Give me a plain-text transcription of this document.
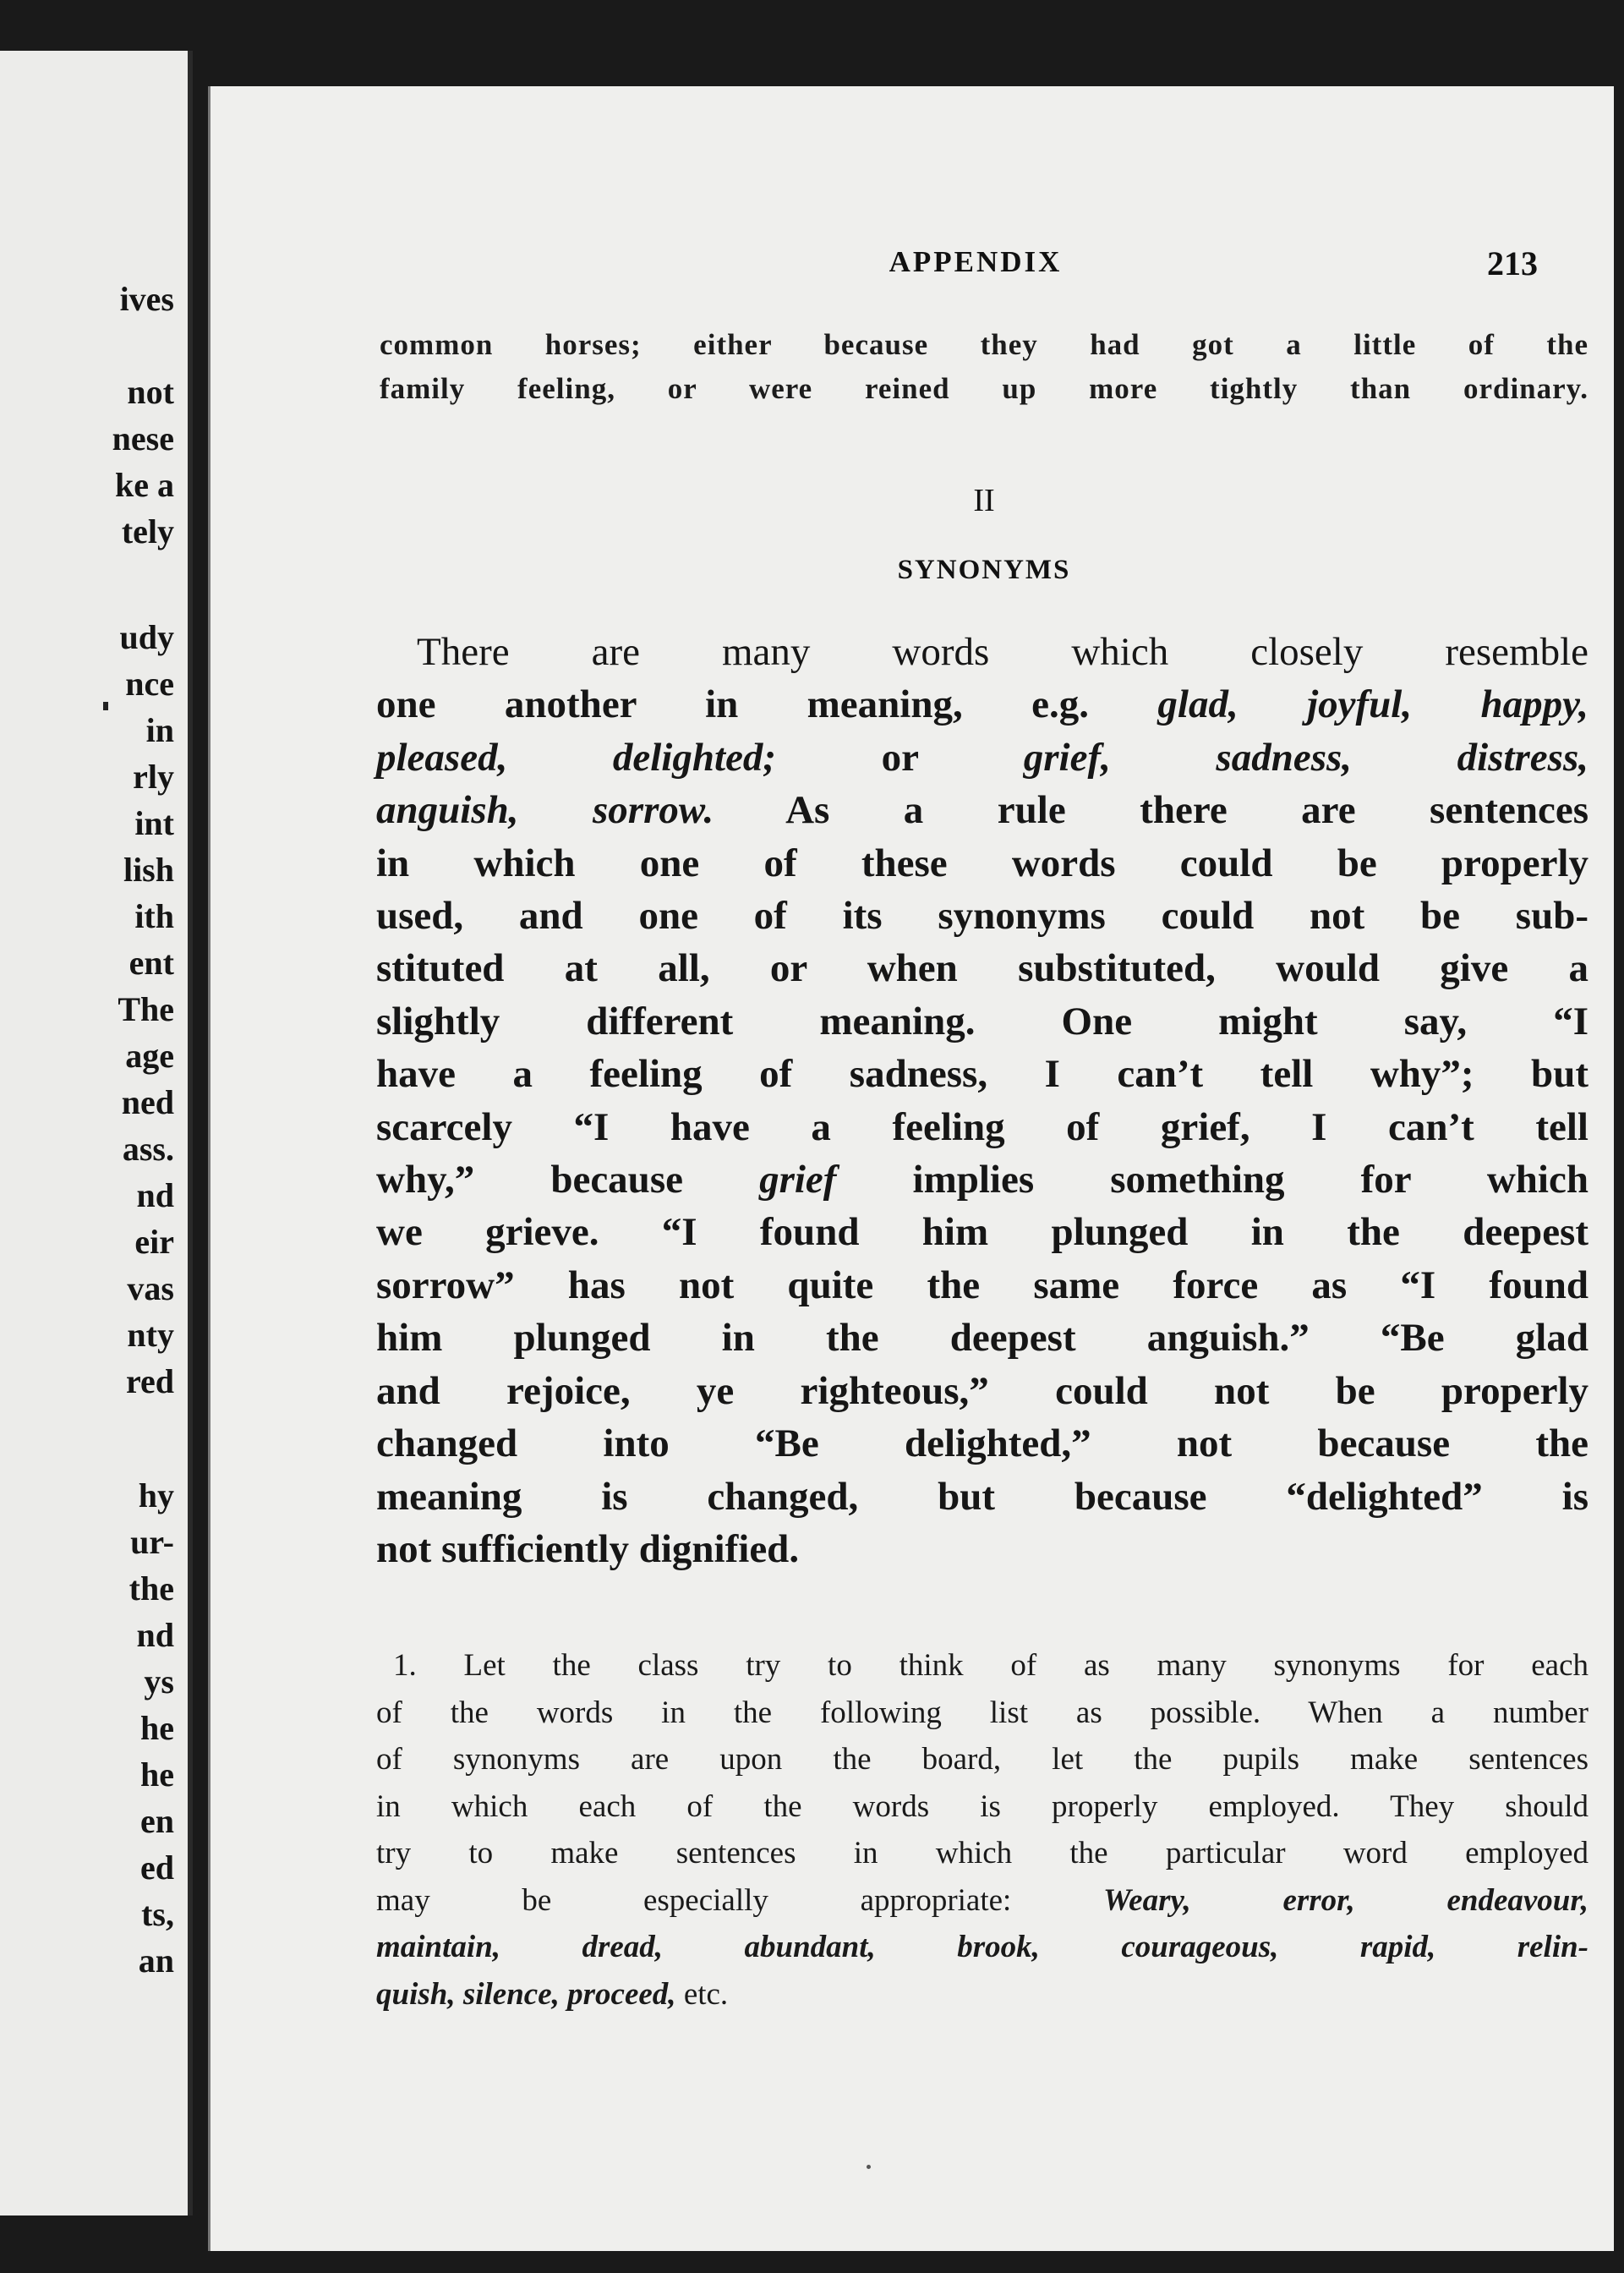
ives
not
nese
ke a
tely
udy
nce
in
rly
int
lish
ith
ent
The
age
ned
ass.
nd
eir
vas
nty
red
hy
ur-
the
nd
ys
he
he
en
ed
ts,
an
APPENDIX	213
common horses; either because they had got a little of the
family feeling, or were reined up more tightly than ordinary.
II
SYNONYMS
There are many words which closely resemble
one another in meaning, e.g. glad, joyful, happy,
pleased, delighted; or grief, sadness, distress,
anguish, sorrow. As a rule there are sentences
in which one of these words could be properly
used, and one of its synonyms could not be sub-
stituted at all, or when substituted, would give a
slightly different meaning. One might say, “I
have a feeling of sadness, I can’t tell why”; but
scarcely “I have a feeling of grief, I can’t tell
why,” because grief implies something for which
we grieve. “I found him plunged in the deepest
sorrow” has not quite the same force as “I found
him plunged in the deepest anguish.” “Be glad
and rejoice, ye righteous,” could not be properly
changed into “Be delighted,” not because the
meaning is changed, but because “delighted” is
not sufficiently dignified.
1. Let the class try to think of as many synonyms for each
of the words in the following list as possible. When a number
of synonyms are upon the board, let the pupils make sentences
in which each of the words is properly employed. They should
try to make sentences in which the particular word employed
may be especially appropriate: Weary, error, endeavour,
maintain, dread, abundant, brook, courageous, rapid, relin-
quish, silence, proceed, etc.
